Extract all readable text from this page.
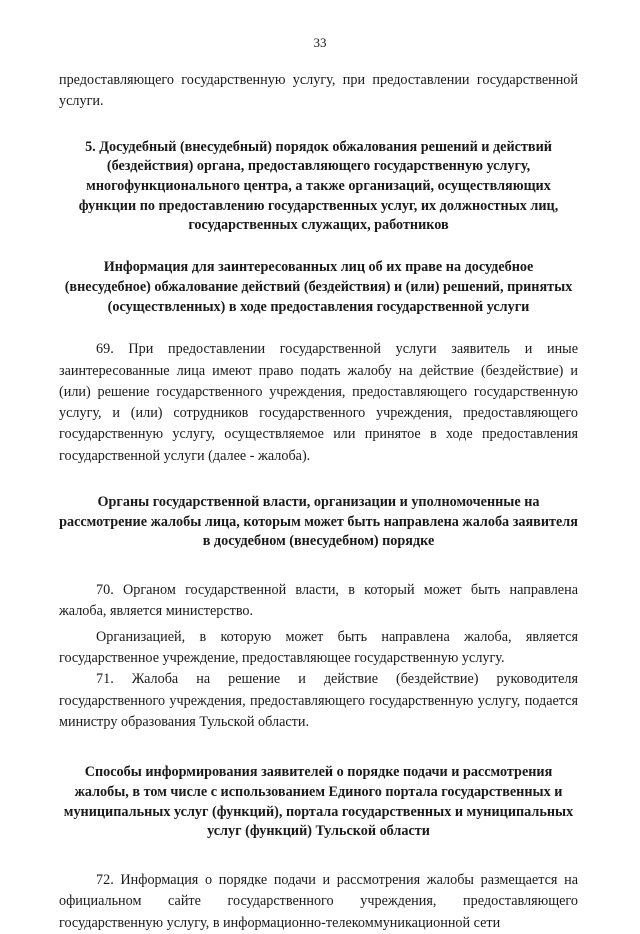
33

предоставляющего государственную услугу, при предоставлении государственной услуги.

5. Досудебный (внесудебный) порядок обжалования решений и действий (бездействия) органа, предоставляющего государственную услугу, многофункционального центра, а также организаций, осуществляющих функции по предоставлению государственных услуг, их должностных лиц, государственных служащих, работников
Информация для заинтересованных лиц об их праве на досудебное (внесудебное) обжалование действий (бездействия) и (или) решений, принятых (осуществленных) в ходе предоставления государственной услуги

69. При предоставлении государственной услуги заявитель и иные заинтересованные лица имеют право подать жалобу на действие (бездействие) и (или) решение государственного учреждения, предоставляющего государственную услугу, и (или) сотрудников государственного учреждения, предоставляющего государственную услугу, осуществляемое или принятое в ходе предоставления государственной услуги (далее - жалоба).

Органы государственной власти, организации и уполномоченные на рассмотрение жалобы лица, которым может быть направлена жалоба заявителя в досудебном (внесудебном) порядке

70. Органом государственной власти, в который может быть направлена жалоба, является министерство.

Организацией, в которую может быть направлена жалоба, является государственное учреждение, предоставляющее государственную услугу.

71. Жалоба на решение и действие (бездействие) руководителя государственного учреждения, предоставляющего государственную услугу, подается министру образования Тульской области.

Способы информирования заявителей о порядке подачи и рассмотрения жалобы, в том числе с использованием Единого портала государственных и муниципальных услуг (функций), портала государственных и муниципальных услуг (функций) Тульской области

72. Информация о порядке подачи и рассмотрения жалобы размещается на официальном сайте государственного учреждения, предоставляющего государственную услугу, в информационно-телекоммуникационной сети
